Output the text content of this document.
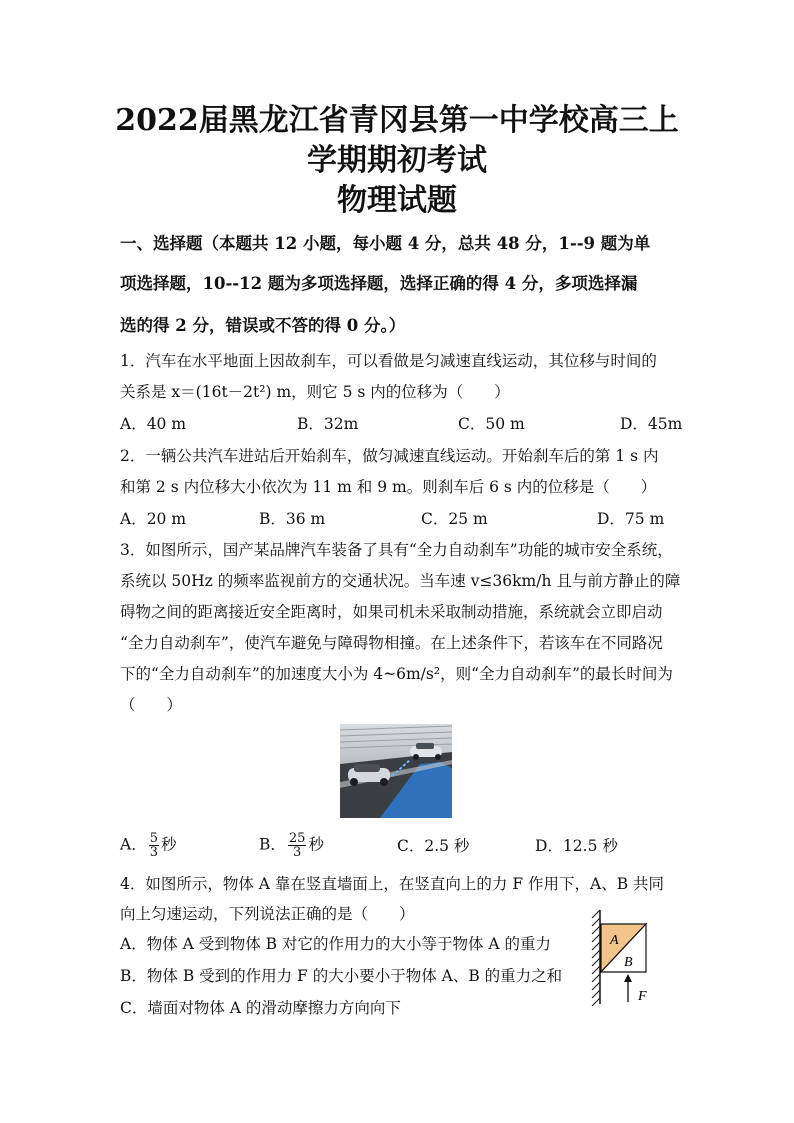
2022届黑龙江省青冈县第一中学校高三上
学期期初考试
物理试题
一、选择题（本题共 12 小题，每小题 4 分，总共 48 分，1--9 题为单
项选择题，10--12 题为多项选择题，选择正确的得 4 分，多项选择漏
选的得 2 分，错误或不答的得 0 分。）
1．汽车在水平地面上因故刹车，可以看做是匀减速直线运动，其位移与时间的
关系是 x＝(16t－2t²) m，则它 5 s 内的位移为（　　）
A．40 m	B．32m	C．50 m	D．45m
2．一辆公共汽车进站后开始刹车，做匀减速直线运动。开始刹车后的第 1 s 内
和第 2 s 内位移大小依次为 11 m 和 9 m。则刹车后 6 s 内的位移是（　　）
A．20 m	B．36 m	C．25 m	D．75 m
3．如图所示，国产某品牌汽车装备了具有“全力自动刹车”功能的城市安全系统，
系统以 50Hz 的频率监视前方的交通状况。当车速 v≤36km/h 且与前方静止的障
碍物之间的距离接近安全距离时，如果司机未采取制动措施，系统就会立即启动
“全力自动刹车”，使汽车避免与障碍物相撞。在上述条件下，若该车在不同路况
下的“全力自动刹车”的加速度大小为 4~6m/s²，则“全力自动刹车”的最长时间为
（　　）
A． $\frac{5}{3}$ 秒	B． $\frac{25}{3}$ 秒	C．2.5 秒	D．12.5 秒
4．如图所示，物体 A 靠在竖直墙面上，在竖直向上的力 F 作用下，A、B 共同
向上匀速运动，下列说法正确的是（　　）
A．物体 A 受到物体 B 对它的作用力的大小等于物体 A 的重力
B．物体 B 受到的作用力 F 的大小要小于物体 A、B 的重力之和
C．墙面对物体 A 的滑动摩擦力方向向下
A
B
F
